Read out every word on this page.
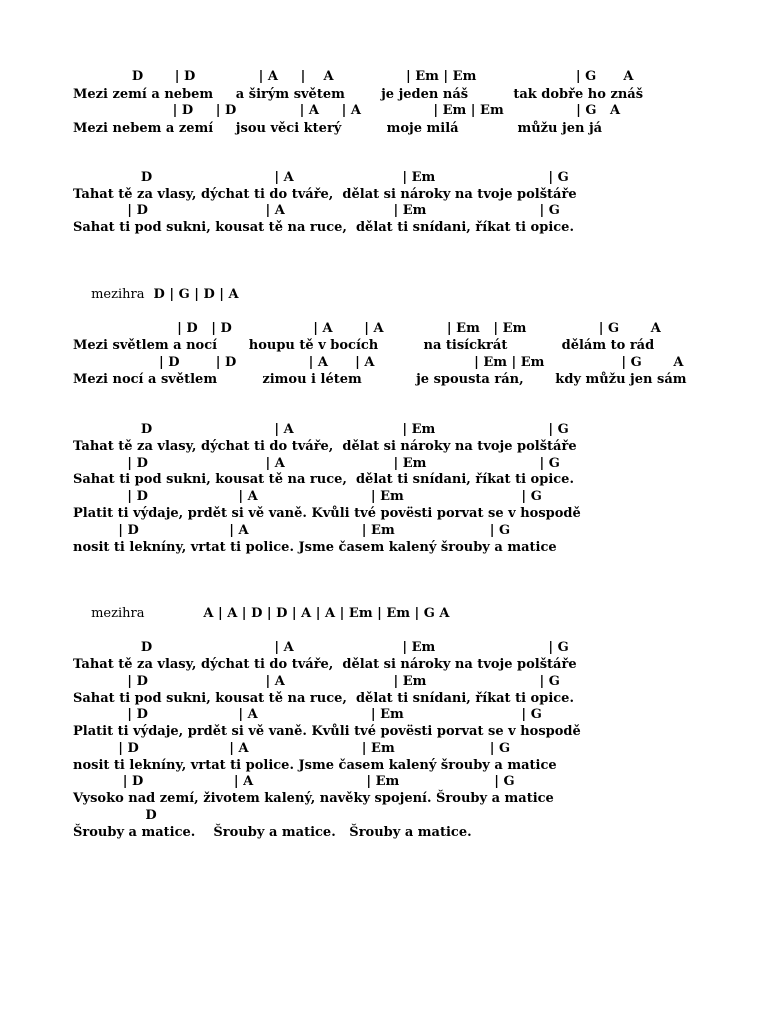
D       | D              | A     |    A                | Em | Em                      | G      A
Mezi zemí a nebem     a širým světem        je jeden náš          tak dobře ho znáš
| D     | D              | A     | A                | Em | Em                | G   A
Mezi nebem a zemí     jsou věci který          moje milá             můžu jen já
D                           | A                        | Em                         | G
Tahat tě za vlasy, dýchat ti do tváře,  dělat si nároky na tvoje polštáře
| D                          | A                        | Em                         | G
Sahat ti pod sukni, kousat tě na ruce,  dělat ti snídani, říkat ti opice.

mezihra D | G | D | A

| D   | D                  | A       | A              | Em   | Em                | G       A
Mezi světlem a nocí       houpu tě v bocích          na tisíckrát            dělám to rád
| D        | D                | A      | A                      | Em | Em                 | G       A
Mezi nocí a světlem          zimou i létem            je spousta rán,       kdy můžu jen sám
D                           | A                        | Em                         | G
Tahat tě za vlasy, dýchat ti do tváře,  dělat si nároky na tvoje polštáře
| D                          | A                        | Em                         | G
Sahat ti pod sukni, kousat tě na ruce,  dělat ti snídani, říkat ti opice.
| D                    | A                         | Em                          | G
Platit ti výdaje, prdět si vě vaně. Kvůli tvé povësti porvat se v hospodě
| D                    | A                         | Em                     | G
nosit ti lekníny, vrtat ti police. Jsme časem kalený šrouby a matice

mezihra	A | A | D | D | A | A | Em | Em | G A

D                           | A                        | Em                         | G
Tahat tě za vlasy, dýchat ti do tváře,  dělat si nároky na tvoje polštáře
| D                          | A                        | Em                         | G
Sahat ti pod sukni, kousat tě na ruce,  dělat ti snídani, říkat ti opice.
| D                    | A                         | Em                          | G
Platit ti výdaje, prdět si vě vaně. Kvůli tvé povësti porvat se v hospodě
| D                    | A                         | Em                     | G
nosit ti lekníny, vrtat ti police. Jsme časem kalený šrouby a matice
| D                    | A                         | Em                     | G
Vysoko nad zemí, životem kalený, navěky spojení. Šrouby a matice
D
Šrouby a matice.    Šrouby a matice.   Šrouby a matice.
